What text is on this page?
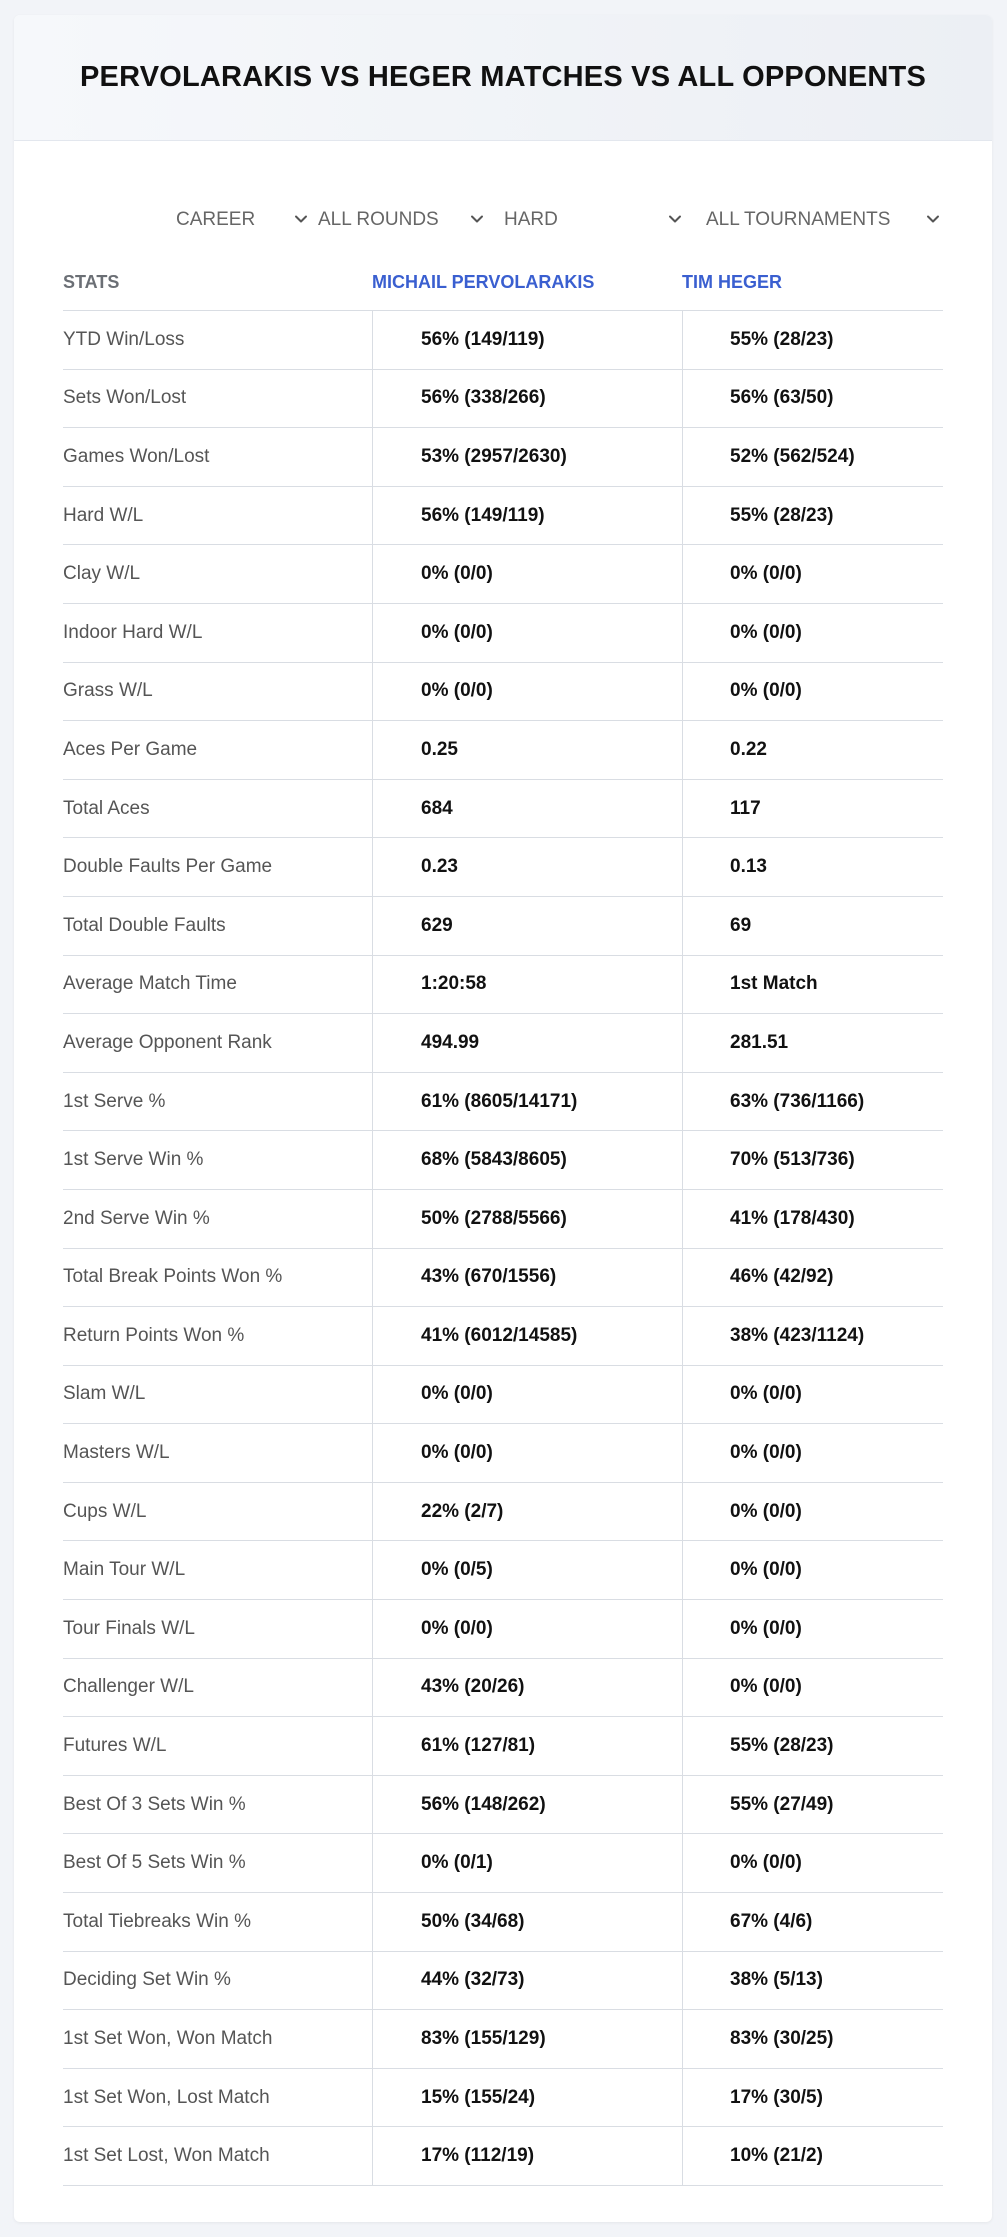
PERVOLARAKIS VS HEGER MATCHES VS ALL OPPONENTS
CAREER	ALL ROUNDS	HARD	ALL TOURNAMENTS
STATS	MICHAIL PERVOLARAKIS	TIM HEGER
YTD Win/Loss	56% (149/119)	55% (28/23)
Sets Won/Lost	56% (338/266)	56% (63/50)
Games Won/Lost	53% (2957/2630)	52% (562/524)
Hard W/L	56% (149/119)	55% (28/23)
Clay W/L	0% (0/0)	0% (0/0)
Indoor Hard W/L	0% (0/0)	0% (0/0)
Grass W/L	0% (0/0)	0% (0/0)
Aces Per Game	0.25	0.22
Total Aces	684	117
Double Faults Per Game	0.23	0.13
Total Double Faults	629	69
Average Match Time	1:20:58	1st Match
Average Opponent Rank	494.99	281.51
1st Serve %	61% (8605/14171)	63% (736/1166)
1st Serve Win %	68% (5843/8605)	70% (513/736)
2nd Serve Win %	50% (2788/5566)	41% (178/430)
Total Break Points Won %	43% (670/1556)	46% (42/92)
Return Points Won %	41% (6012/14585)	38% (423/1124)
Slam W/L	0% (0/0)	0% (0/0)
Masters W/L	0% (0/0)	0% (0/0)
Cups W/L	22% (2/7)	0% (0/0)
Main Tour W/L	0% (0/5)	0% (0/0)
Tour Finals W/L	0% (0/0)	0% (0/0)
Challenger W/L	43% (20/26)	0% (0/0)
Futures W/L	61% (127/81)	55% (28/23)
Best Of 3 Sets Win %	56% (148/262)	55% (27/49)
Best Of 5 Sets Win %	0% (0/1)	0% (0/0)
Total Tiebreaks Win %	50% (34/68)	67% (4/6)
Deciding Set Win %	44% (32/73)	38% (5/13)
1st Set Won, Won Match	83% (155/129)	83% (30/25)
1st Set Won, Lost Match	15% (155/24)	17% (30/5)
1st Set Lost, Won Match	17% (112/19)	10% (21/2)
